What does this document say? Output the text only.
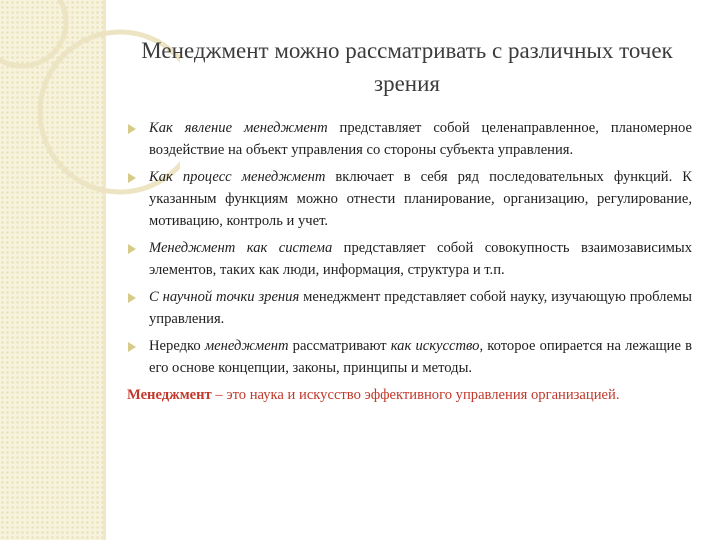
Менеджмент можно рассматривать с различных точек зрения
Как явление менеджмент представляет собой целенаправленное, планомерное воздействие на объект управления со стороны субъекта управления.
Как процесс менеджмент включает в себя ряд последовательных функций. К указанным функциям можно отнести планирование, организацию, регулирование, мотивацию, контроль и учет.
Менеджмент как система представляет собой совокупность взаимозависимых элементов, таких как люди, информация, структура и т.п.
С научной точки зрения менеджмент представляет собой науку, изучающую проблемы управления.
Нередко менеджмент рассматривают как искусство, которое опирается на лежащие в его основе концепции, законы, принципы и методы.
Менеджмент – это наука и искусство эффективного управления организацией.
